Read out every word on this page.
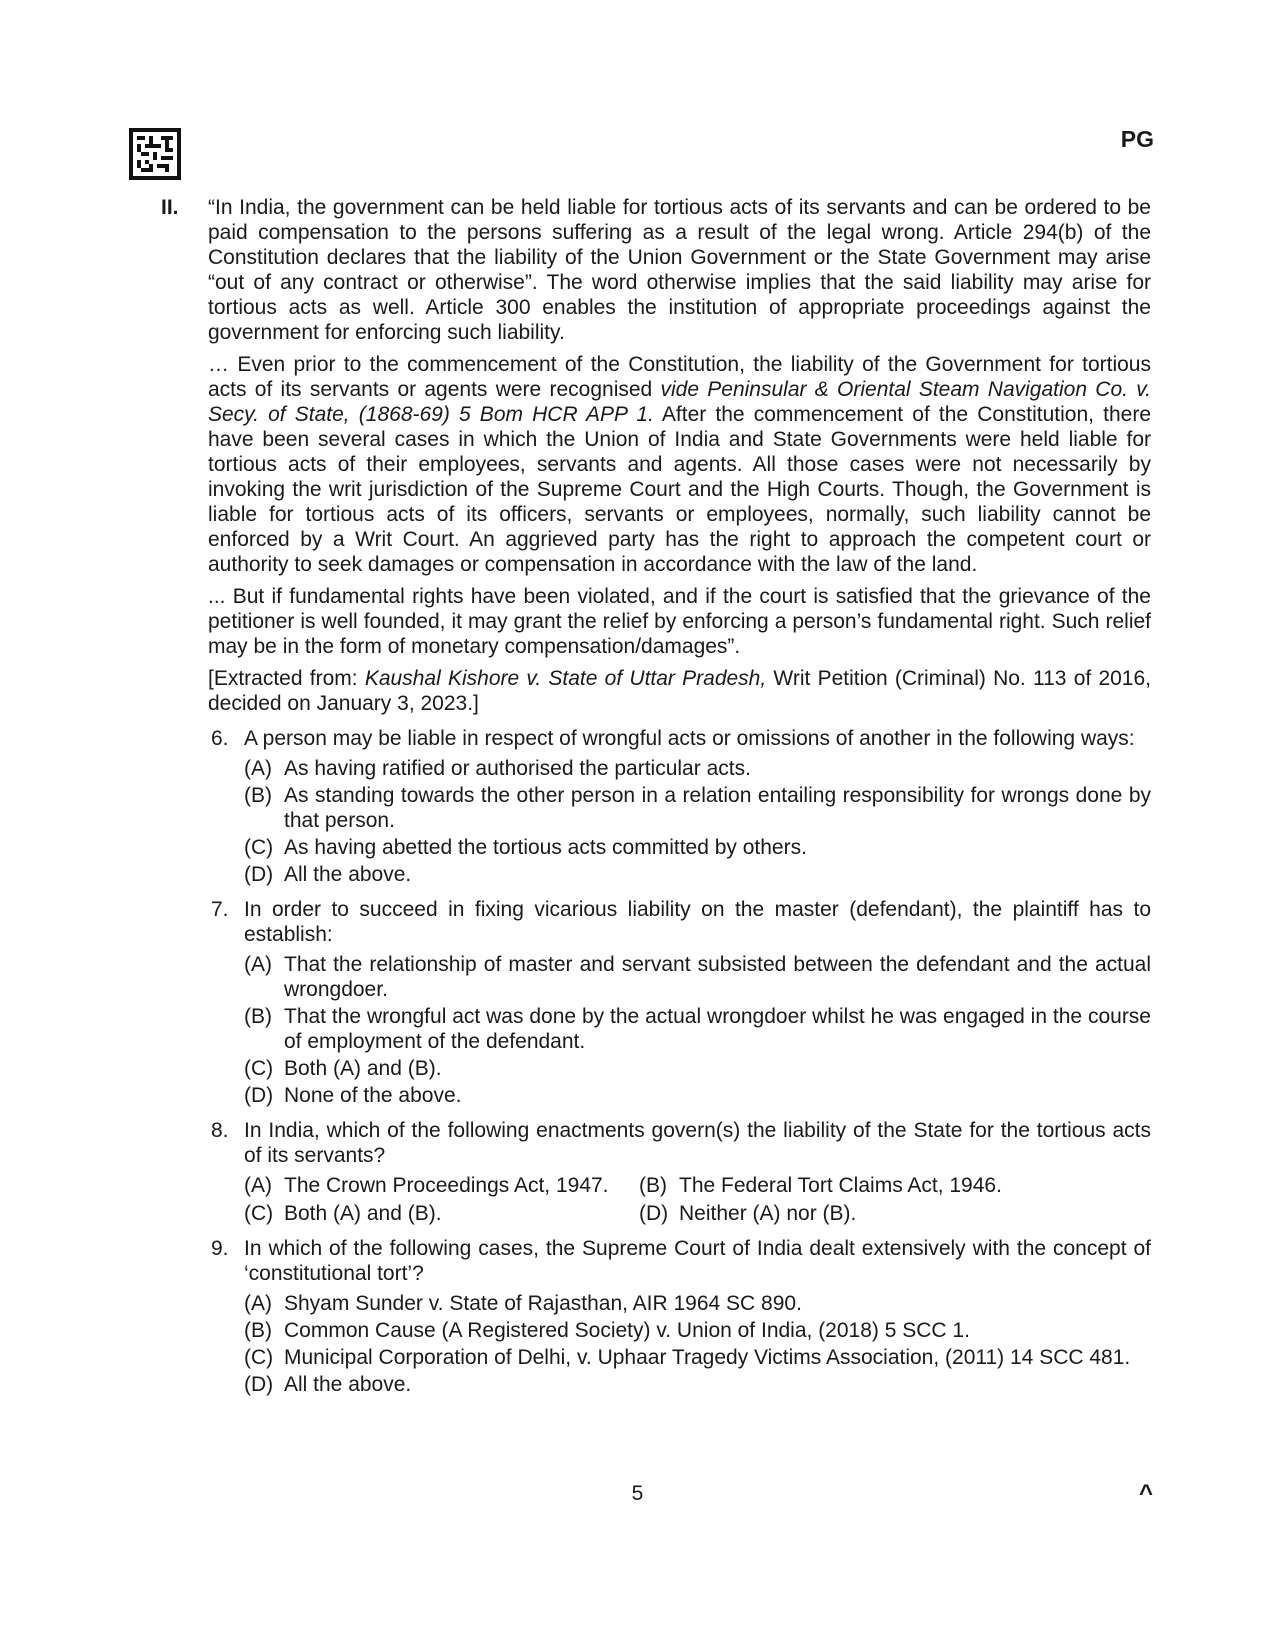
PG
II. “In India, the government can be held liable for tortious acts of its servants and can be ordered to be paid compensation to the persons suffering as a result of the legal wrong. Article 294(b) of the Constitution declares that the liability of the Union Government or the State Government may arise “out of any contract or otherwise”. The word otherwise implies that the said liability may arise for tortious acts as well. Article 300 enables the institution of appropriate proceedings against the government for enforcing such liability.

… Even prior to the commencement of the Constitution, the liability of the Government for tortious acts of its servants or agents were recognised vide Peninsular & Oriental Steam Navigation Co. v. Secy. of State, (1868-69) 5 Bom HCR APP 1. After the commencement of the Constitution, there have been several cases in which the Union of India and State Governments were held liable for tortious acts of their employees, servants and agents. All those cases were not necessarily by invoking the writ jurisdiction of the Supreme Court and the High Courts. Though, the Government is liable for tortious acts of its officers, servants or employees, normally, such liability cannot be enforced by a Writ Court. An aggrieved party has the right to approach the competent court or authority to seek damages or compensation in accordance with the law of the land.

... But if fundamental rights have been violated, and if the court is satisfied that the grievance of the petitioner is well founded, it may grant the relief by enforcing a person’s fundamental right. Such relief may be in the form of monetary compensation/damages”.

[Extracted from: Kaushal Kishore v. State of Uttar Pradesh, Writ Petition (Criminal) No. 113 of 2016, decided on January 3, 2023.]

6. A person may be liable in respect of wrongful acts or omissions of another in the following ways:

(A) As having ratified or authorised the particular acts.
(B) As standing towards the other person in a relation entailing responsibility for wrongs done by that person.
(C) As having abetted the tortious acts committed by others.
(D) All the above.
7. In order to succeed in fixing vicarious liability on the master (defendant), the plaintiff has to establish:

(A) That the relationship of master and servant subsisted between the defendant and the actual wrongdoer.
(B) That the wrongful act was done by the actual wrongdoer whilst he was engaged in the course of employment of the defendant.
(C) Both (A) and (B).
(D) None of the above.
8. In India, which of the following enactments govern(s) the liability of the State for the tortious acts of its servants?

(A) The Crown Proceedings Act, 1947.	(B) The Federal Tort Claims Act, 1946.
(C) Both (A) and (B).	(D) Neither (A) nor (B).
9. In which of the following cases, the Supreme Court of India dealt extensively with the concept of ‘constitutional tort’?

(A) Shyam Sunder v. State of Rajasthan, AIR 1964 SC 890.
(B) Common Cause (A Registered Society) v. Union of India, (2018) 5 SCC 1.
(C) Municipal Corporation of Delhi, v. Uphaar Tragedy Victims Association, (2011) 14 SCC 481.
(D) All the above.
5	^
